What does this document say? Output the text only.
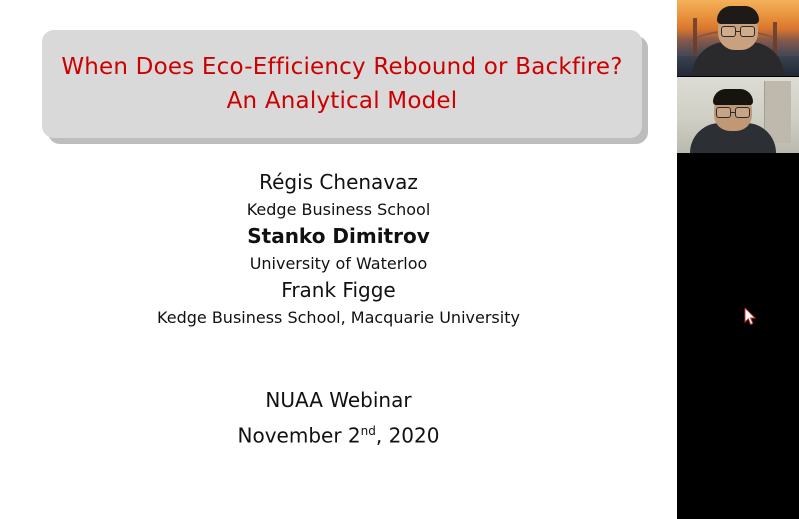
When Does Eco-Efficiency Rebound or Backfire?
An Analytical Model
Régis Chenavaz
Kedge Business School
Stanko Dimitrov
University of Waterloo
Frank Figge
Kedge Business School, Macquarie University
NUAA Webinar
November 2nd, 2020
